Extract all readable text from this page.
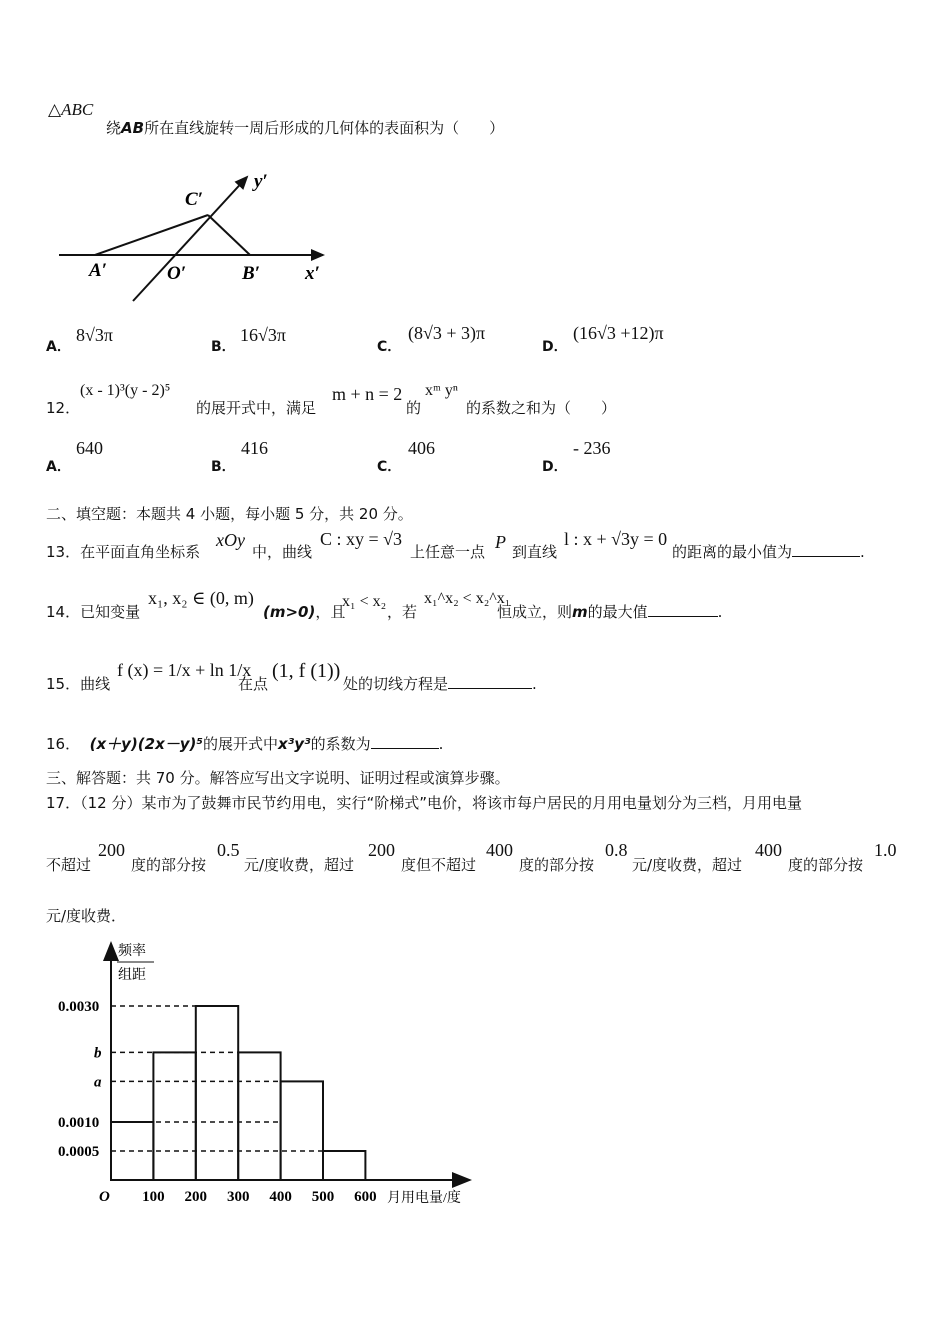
△ABC
绕AB所在直线旋转一周后形成的几何体的表面积为（　　）
y′
C′
A′	O′	B′ x′
A．
8√3π
B．
16√3π
C．
(8√3 + 3)π
D．
(16√3 +12)π
12．
(x - 1)³(y - 2)⁵
的展开式中，满足
m + n = 2
的
xᵐ yⁿ
的系数之和为（　　）
A．
640
B．
416
C．
406
D．
- 236
二、填空题：本题共 4 小题，每小题 5 分，共 20 分。
13．在平面直角坐标系
xOy
中，曲线
C : xy = √3
上任意一点 P 到直线
l : x + √3y = 0
的距离的最小值为	.
14．已知变量
x₁, x₂ ∈ (0, m)
(m>0)，且
x₁ < x₂
，若
x₁^x₂ < x₂^x₁
恒成立，则m的最大值	.
15．曲线
f (x) = 1/x + ln 1/x
在点
(1, f (1))
处的切线方程是	.
16． (x＋y)(2x－y)⁵的展开式中x³y³的系数为	.
三、解答题：共 70 分。解答应写出文字说明、证明过程或演算步骤。
17．（12 分）某市为了鼓舞市民节约用电，实行“阶梯式”电价，将该市每户居民的月用电量划分为三档，月用电量
不超过
200
度的部分按
0.5
元/度收费，超过
200
度但不超过
400
度的部分按
0.8
元/度收费，超过
400
度的部分按
1.0
元/度收费．
频率
组距
0.0030
b
a
0.0010
0.0005
O 100 200 300 400 500 600 月用电量/度
